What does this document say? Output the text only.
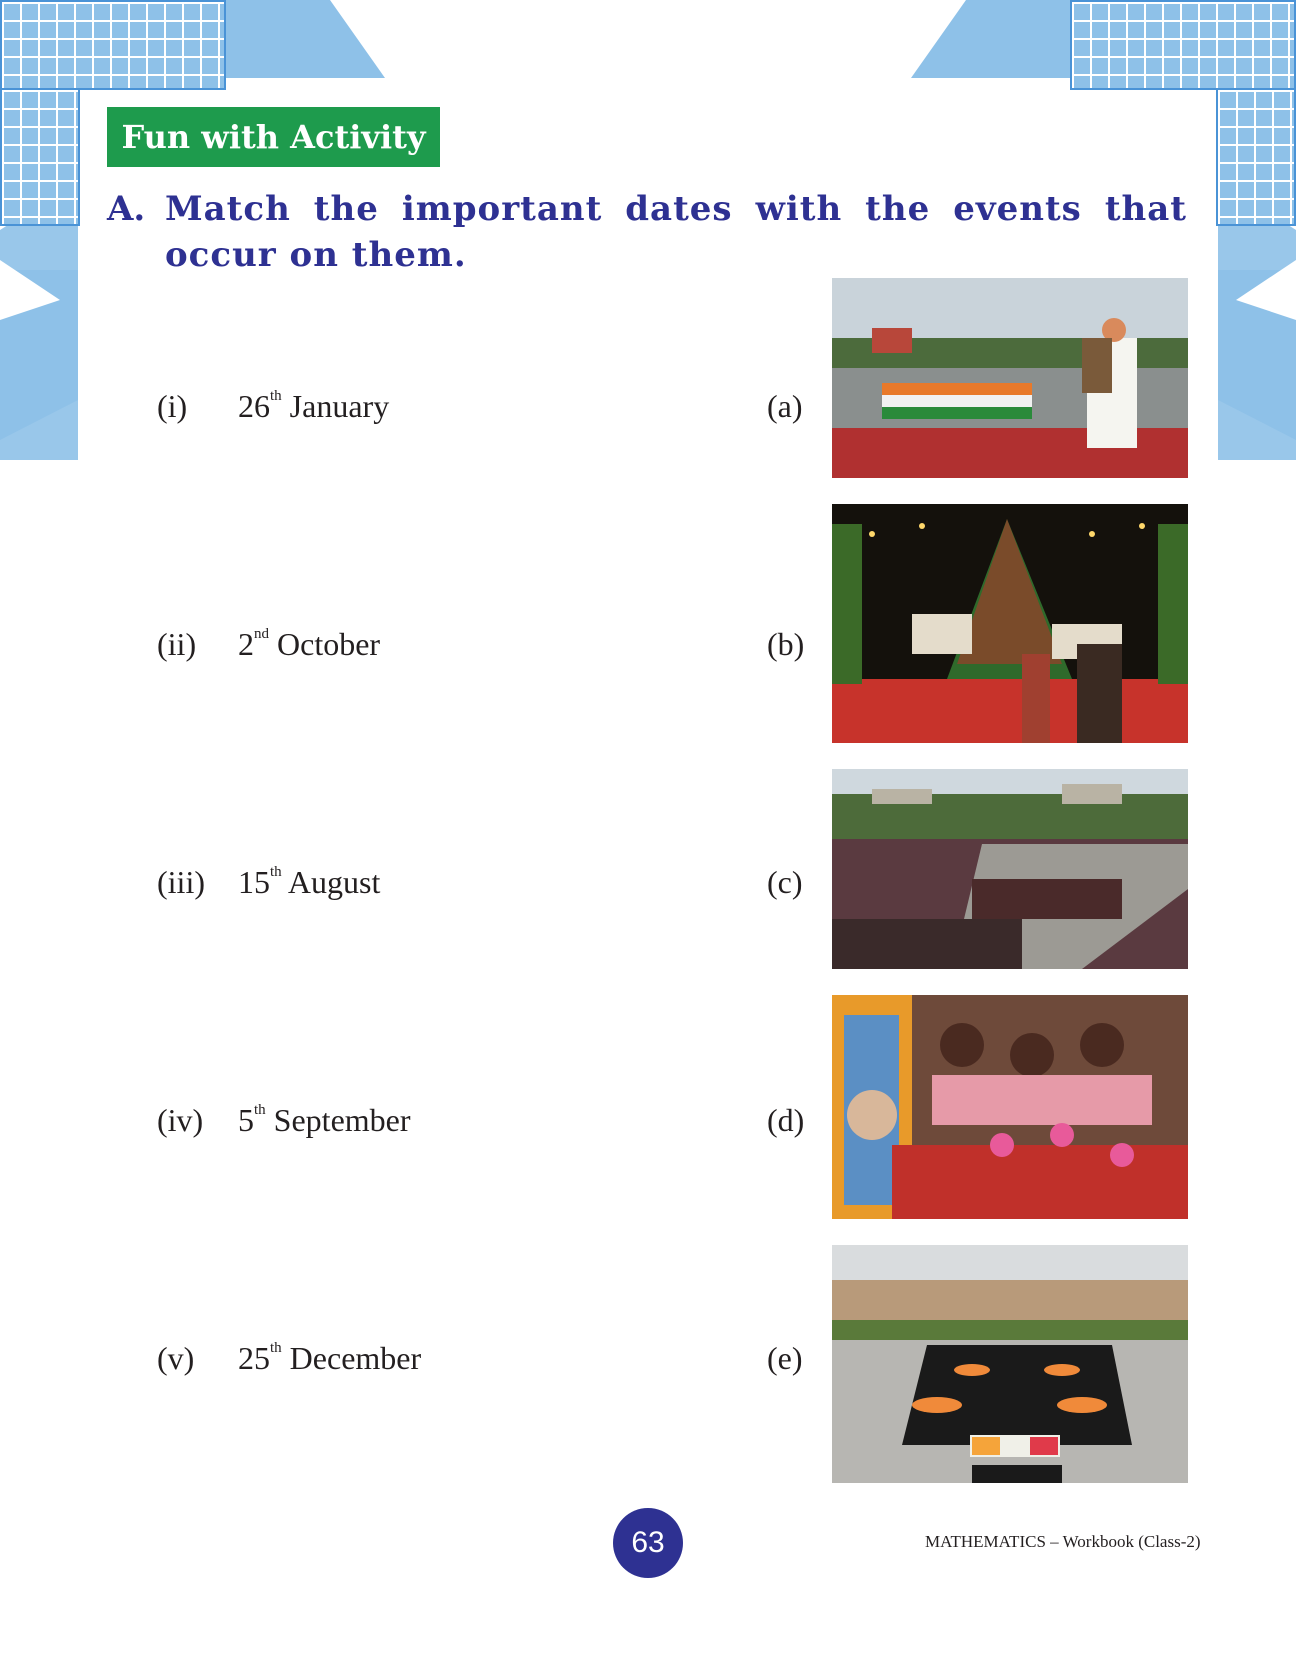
Fun with Activity
A. Match the important dates with the events that occur on them.
(i) 26th January	(a)
(ii) 2nd October	(b)
(iii) 15th August	(c)
(iv) 5th September	(d)
(v) 25th December	(e)
63	MATHEMATICS – Workbook (Class-2)
